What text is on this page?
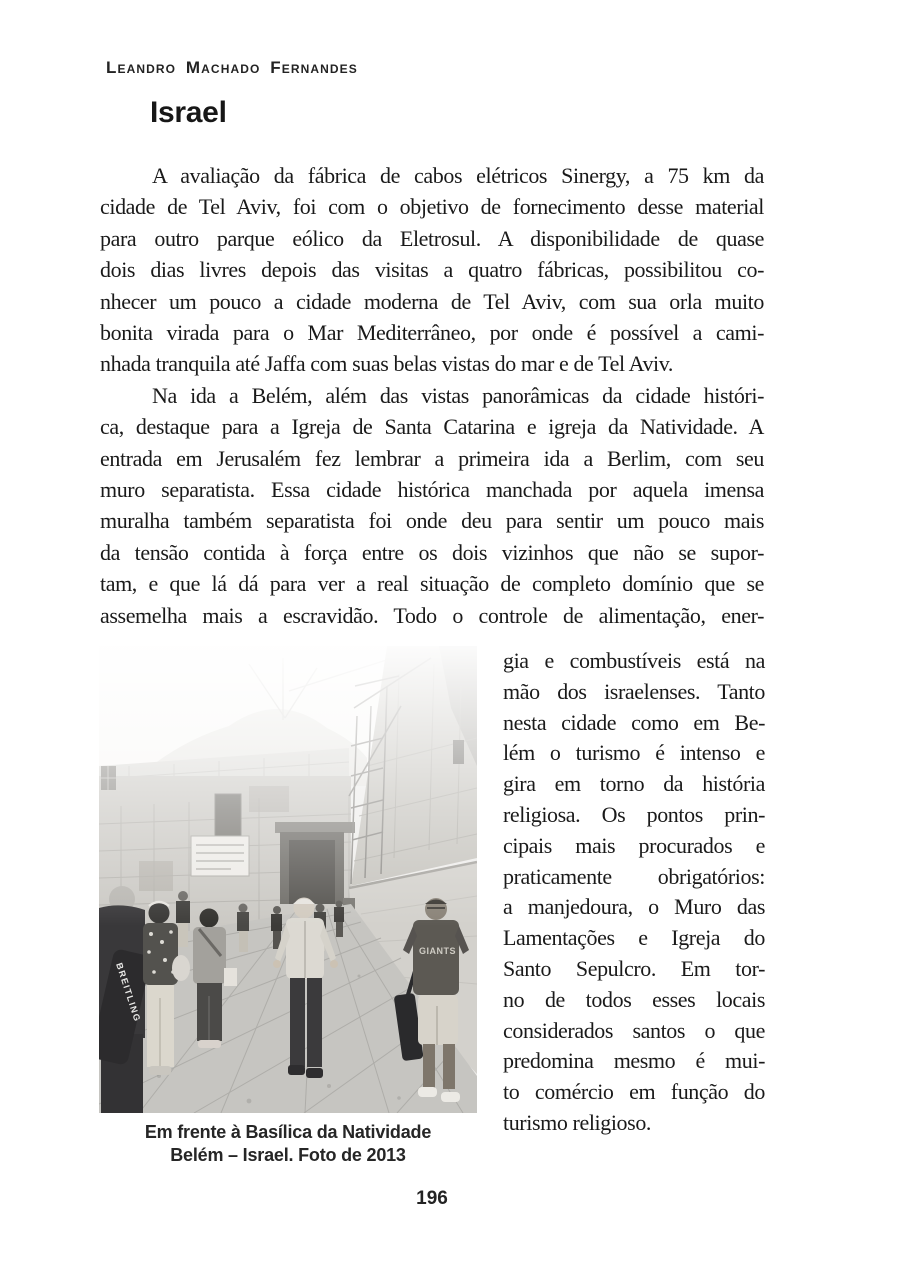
Leandro Machado Fernandes
Israel
A avaliação da fábrica de cabos elétricos Sinergy, a 75 km da
cidade de Tel Aviv, foi com o objetivo de fornecimento desse material
para outro parque eólico da Eletrosul. A disponibilidade de quase
dois dias livres depois das visitas a quatro fábricas, possibilitou co-
nhecer um pouco a cidade moderna de Tel Aviv, com sua orla muito
bonita virada para o Mar Mediterrâneo, por onde é possível a cami-
nhada tranquila até Jaffa com suas belas vistas do mar e de Tel Aviv.
Na ida a Belém, além das vistas panorâmicas da cidade históri-
ca, destaque para a Igreja de Santa Catarina e igreja da Natividade. A
entrada em Jerusalém fez lembrar a primeira ida a Berlim, com seu
muro separatista. Essa cidade histórica manchada por aquela imensa
muralha também separatista foi onde deu para sentir um pouco mais
da tensão contida à força entre os dois vizinhos que não se supor-
tam, e que lá dá para ver a real situação de completo domínio que se
assemelha mais a escravidão. Todo o controle de alimentação, ener-
gia e combustíveis está na
mão dos israelenses. Tanto
nesta cidade como em Be-
lém o turismo é intenso e
gira em torno da história
religiosa. Os pontos prin-
cipais mais procurados e
praticamente obrigatórios:
a manjedoura, o Muro das
Lamentações e Igreja do
Santo Sepulcro. Em tor-
no de todos esses locais
considerados santos o que
predomina mesmo é mui-
to comércio em função do
turismo religioso.
Em frente à Basílica da Natividade
Belém – Israel. Foto de 2013
196
